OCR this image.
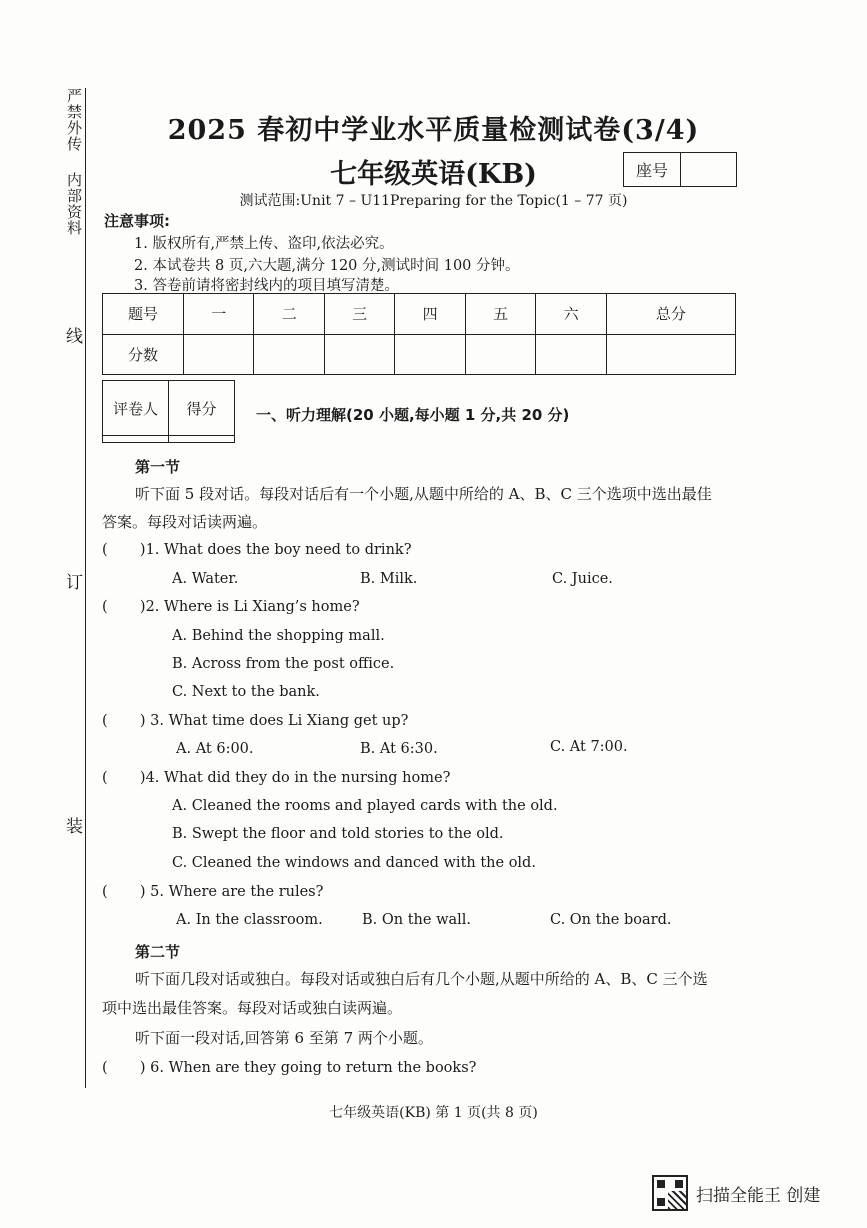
严禁外传
内部资料
线
订
装
2025 春初中学业水平质量检测试卷(3/4)
七年级英语(KB)	座号
测试范围:Unit 7 – U11Preparing for the Topic(1 – 77 页)
注意事项:
1. 版权所有,严禁上传、盗印,依法必究。
2. 本试卷共 8 页,六大题,满分 120 分,测试时间 100 分钟。
3. 答卷前请将密封线内的项目填写清楚。
题号	一	二	三	四	五	六	总分
分数							
评卷人	得分
		一、听力理解(20 小题,每小题 1 分,共 20 分)
第一节
听下面 5 段对话。每段对话后有一个小题,从题中所给的 A、B、C 三个选项中选出最佳
答案。每段对话读两遍。
(       )1. What does the boy need to drink?
A. Water.	B. Milk.	C. Juice.
(       )2. Where is Li Xiang’s home?
A. Behind the shopping mall.
B. Across from the post office.
C. Next to the bank.
(       ) 3. What time does Li Xiang get up?
A. At 6:00.	B. At 6:30.	C. At 7:00.
(       )4. What did they do in the nursing home?
A. Cleaned the rooms and played cards with the old.
B. Swept the floor and told stories to the old.
C. Cleaned the windows and danced with the old.
(       ) 5. Where are the rules?
A. In the classroom.	B. On the wall.	C. On the board.
第二节
听下面几段对话或独白。每段对话或独白后有几个小题,从题中所给的 A、B、C 三个选
项中选出最佳答案。每段对话或独白读两遍。
听下面一段对话,回答第 6 至第 7 两个小题。
(       ) 6. When are they going to return the books?
七年级英语(KB) 第 1 页(共 8 页)
扫描全能王 创建
